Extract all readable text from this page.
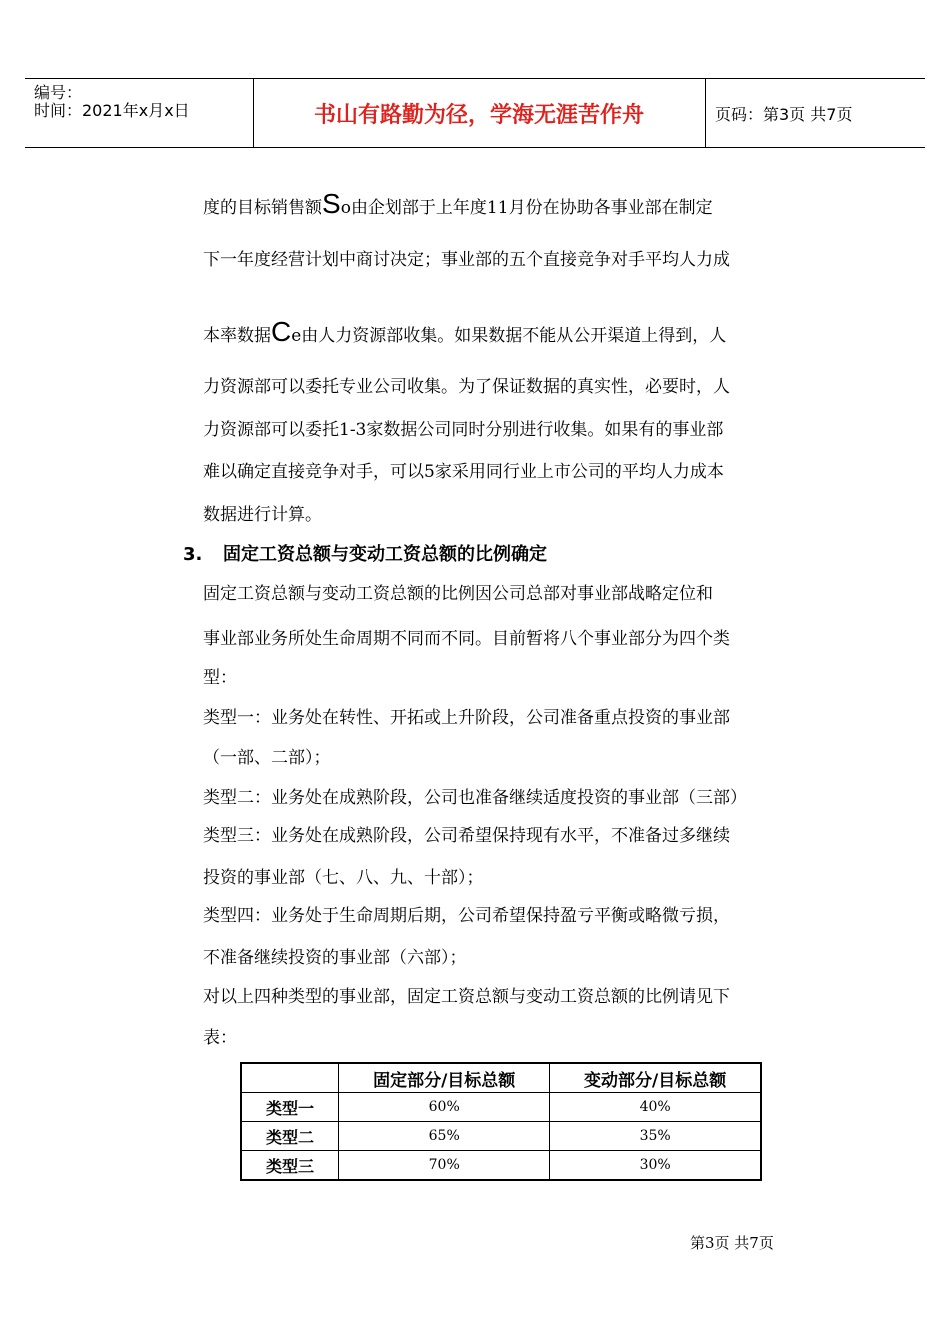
编号：
时间：2021年x月x日	书山有路勤为径，学海无涯苦作舟	页码：第3页 共7页
度的目标销售额So由企划部于上年度11月份在协助各事业部在制定
下一年度经营计划中商讨决定；事业部的五个直接竞争对手平均人力成
本率数据Ce由人力资源部收集。如果数据不能从公开渠道上得到，人
力资源部可以委托专业公司收集。为了保证数据的真实性，必要时，人
力资源部可以委托1-3家数据公司同时分别进行收集。如果有的事业部
难以确定直接竞争对手，可以5家采用同行业上市公司的平均人力成本
数据进行计算。
3. 固定工资总额与变动工资总额的比例确定
固定工资总额与变动工资总额的比例因公司总部对事业部战略定位和
事业部业务所处生命周期不同而不同。目前暂将八个事业部分为四个类
型：
类型一：业务处在转性、开拓或上升阶段，公司准备重点投资的事业部
（一部、二部）；
类型二：业务处在成熟阶段，公司也准备继续适度投资的事业部（三部）
类型三：业务处在成熟阶段，公司希望保持现有水平，不准备过多继续
投资的事业部（七、八、九、十部）；
类型四：业务处于生命周期后期，公司希望保持盈亏平衡或略微亏损，
不准备继续投资的事业部（六部）；
对以上四种类型的事业部，固定工资总额与变动工资总额的比例请见下
表：
	固定部分/目标总额	变动部分/目标总额
类型一	60%	40%
类型二	65%	35%
类型三	70%	30%
第3页 共7页
